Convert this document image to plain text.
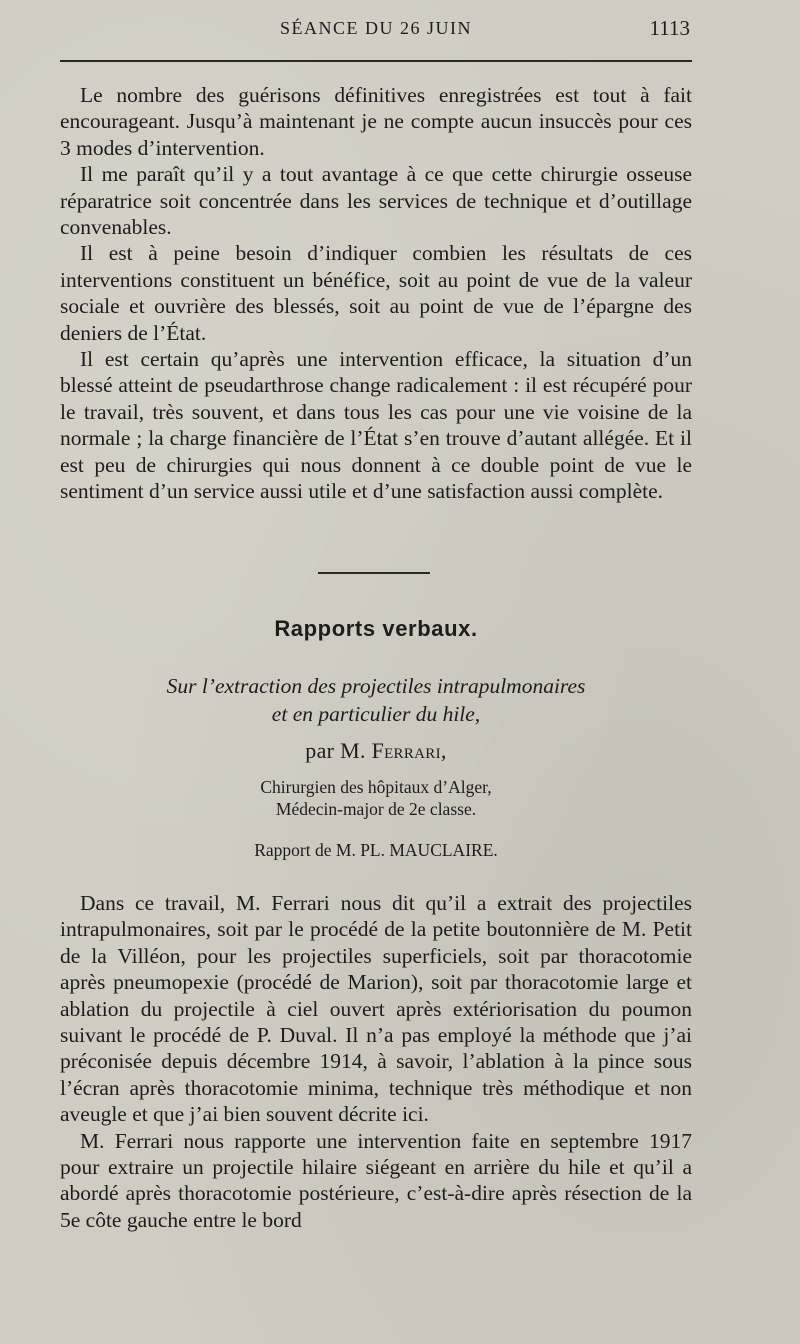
SÉANCE DU 26 JUIN	1113

Le nombre des guérisons définitives enregistrées est tout à fait encourageant. Jusqu’à maintenant je ne compte aucun insuccès pour ces 3 modes d’intervention.

Il me paraît qu’il y a tout avantage à ce que cette chirurgie osseuse réparatrice soit concentrée dans les services de technique et d’outillage convenables.

Il est à peine besoin d’indiquer combien les résultats de ces interventions constituent un bénéfice, soit au point de vue de la valeur sociale et ouvrière des blessés, soit au point de vue de l’épargne des deniers de l’État.

Il est certain qu’après une intervention efficace, la situation d’un blessé atteint de pseudarthrose change radicalement : il est récupéré pour le travail, très souvent, et dans tous les cas pour une vie voisine de la normale ; la charge financière de l’État s’en trouve d’autant allégée. Et il est peu de chirurgies qui nous donnent à ce double point de vue le sentiment d’un service aussi utile et d’une satisfaction aussi complète.

Rapports verbaux.
Sur l’extraction des projectiles intrapulmonaires
et en particulier du hile,
par M. Ferrari,
Chirurgien des hôpitaux d’Alger,
Médecin-major de 2e classe.
Rapport de M. PL. MAUCLAIRE.

Dans ce travail, M. Ferrari nous dit qu’il a extrait des projectiles intrapulmonaires, soit par le procédé de la petite boutonnière de M. Petit de la Villéon, pour les projectiles superficiels, soit par thoracotomie après pneumopexie (procédé de Marion), soit par thoracotomie large et ablation du projectile à ciel ouvert après extériorisation du poumon suivant le procédé de P. Duval. Il n’a pas employé la méthode que j’ai préconisée depuis décembre 1914, à savoir, l’ablation à la pince sous l’écran après thoracotomie minima, technique très méthodique et non aveugle et que j’ai bien souvent décrite ici.

M. Ferrari nous rapporte une intervention faite en septembre 1917 pour extraire un projectile hilaire siégeant en arrière du hile et qu’il a abordé après thoracotomie postérieure, c’est-à-dire après résection de la 5e côte gauche entre le bord
